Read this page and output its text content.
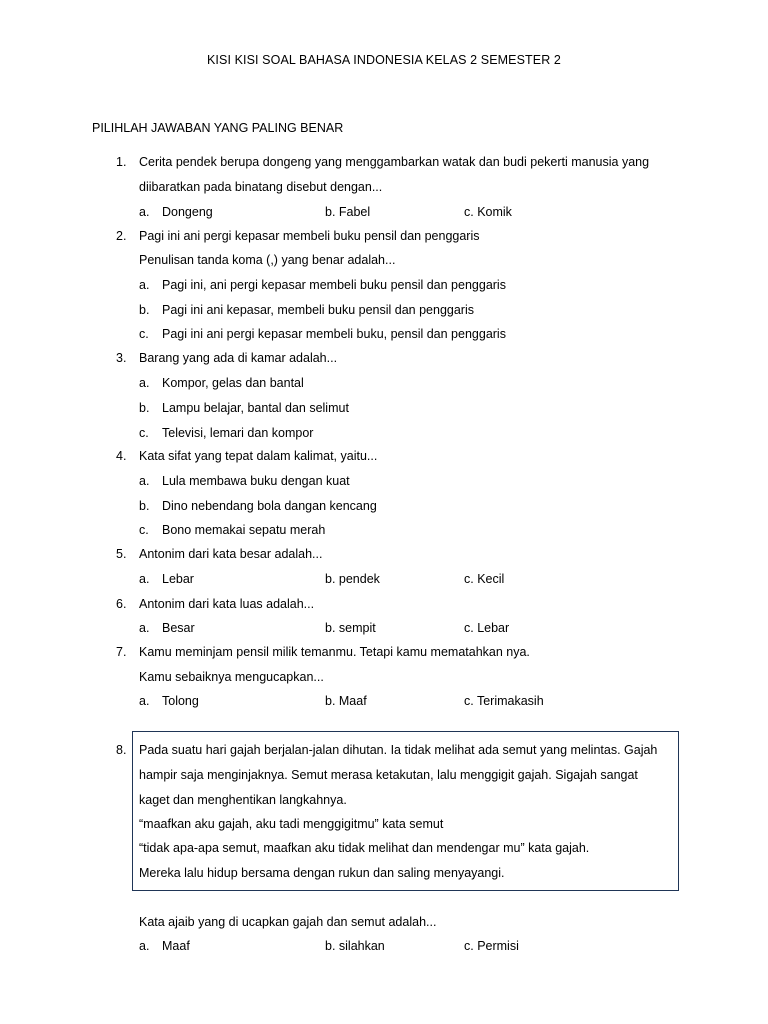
KISI KISI SOAL BAHASA INDONESIA KELAS 2 SEMESTER 2
PILIHLAH JAWABAN YANG PALING BENAR
1. Cerita pendek berupa dongeng yang menggambarkan watak dan budi pekerti manusia yang
diibaratkan pada binatang disebut dengan...
a. Dongeng	b. Fabel	c. Komik
2. Pagi ini ani pergi kepasar membeli buku pensil dan penggaris
Penulisan tanda koma (,) yang benar adalah...
a. Pagi ini, ani pergi kepasar membeli buku pensil dan penggaris
b. Pagi ini ani kepasar, membeli buku pensil dan penggaris
c. Pagi ini ani pergi kepasar membeli buku, pensil dan penggaris
3. Barang yang ada di kamar adalah...
a. Kompor, gelas dan bantal
b. Lampu belajar, bantal dan selimut
c. Televisi, lemari dan kompor
4. Kata sifat yang tepat dalam kalimat, yaitu...
a. Lula membawa buku dengan kuat
b. Dino nebendang bola dangan kencang
c. Bono memakai sepatu merah
5. Antonim dari kata besar adalah...
a. Lebar	b. pendek	c. Kecil
6. Antonim dari kata luas adalah...
a. Besar	b. sempit	c. Lebar
7. Kamu meminjam pensil milik temanmu. Tetapi kamu mematahkan nya.
Kamu sebaiknya mengucapkan...
a. Tolong	b. Maaf	c. Terimakasih
8. Pada suatu hari gajah berjalan-jalan dihutan. Ia tidak melihat ada semut yang melintas. Gajah
hampir saja menginjaknya. Semut merasa ketakutan, lalu menggigit gajah. Sigajah sangat
kaget dan menghentikan langkahnya.
“maafkan aku gajah, aku tadi menggigitmu” kata semut
“tidak apa-apa semut, maafkan aku tidak melihat dan mendengar mu” kata gajah.
Mereka lalu hidup bersama dengan rukun dan saling menyayangi.
Kata ajaib yang di ucapkan gajah dan semut adalah...
a. Maaf	b. silahkan	c. Permisi
